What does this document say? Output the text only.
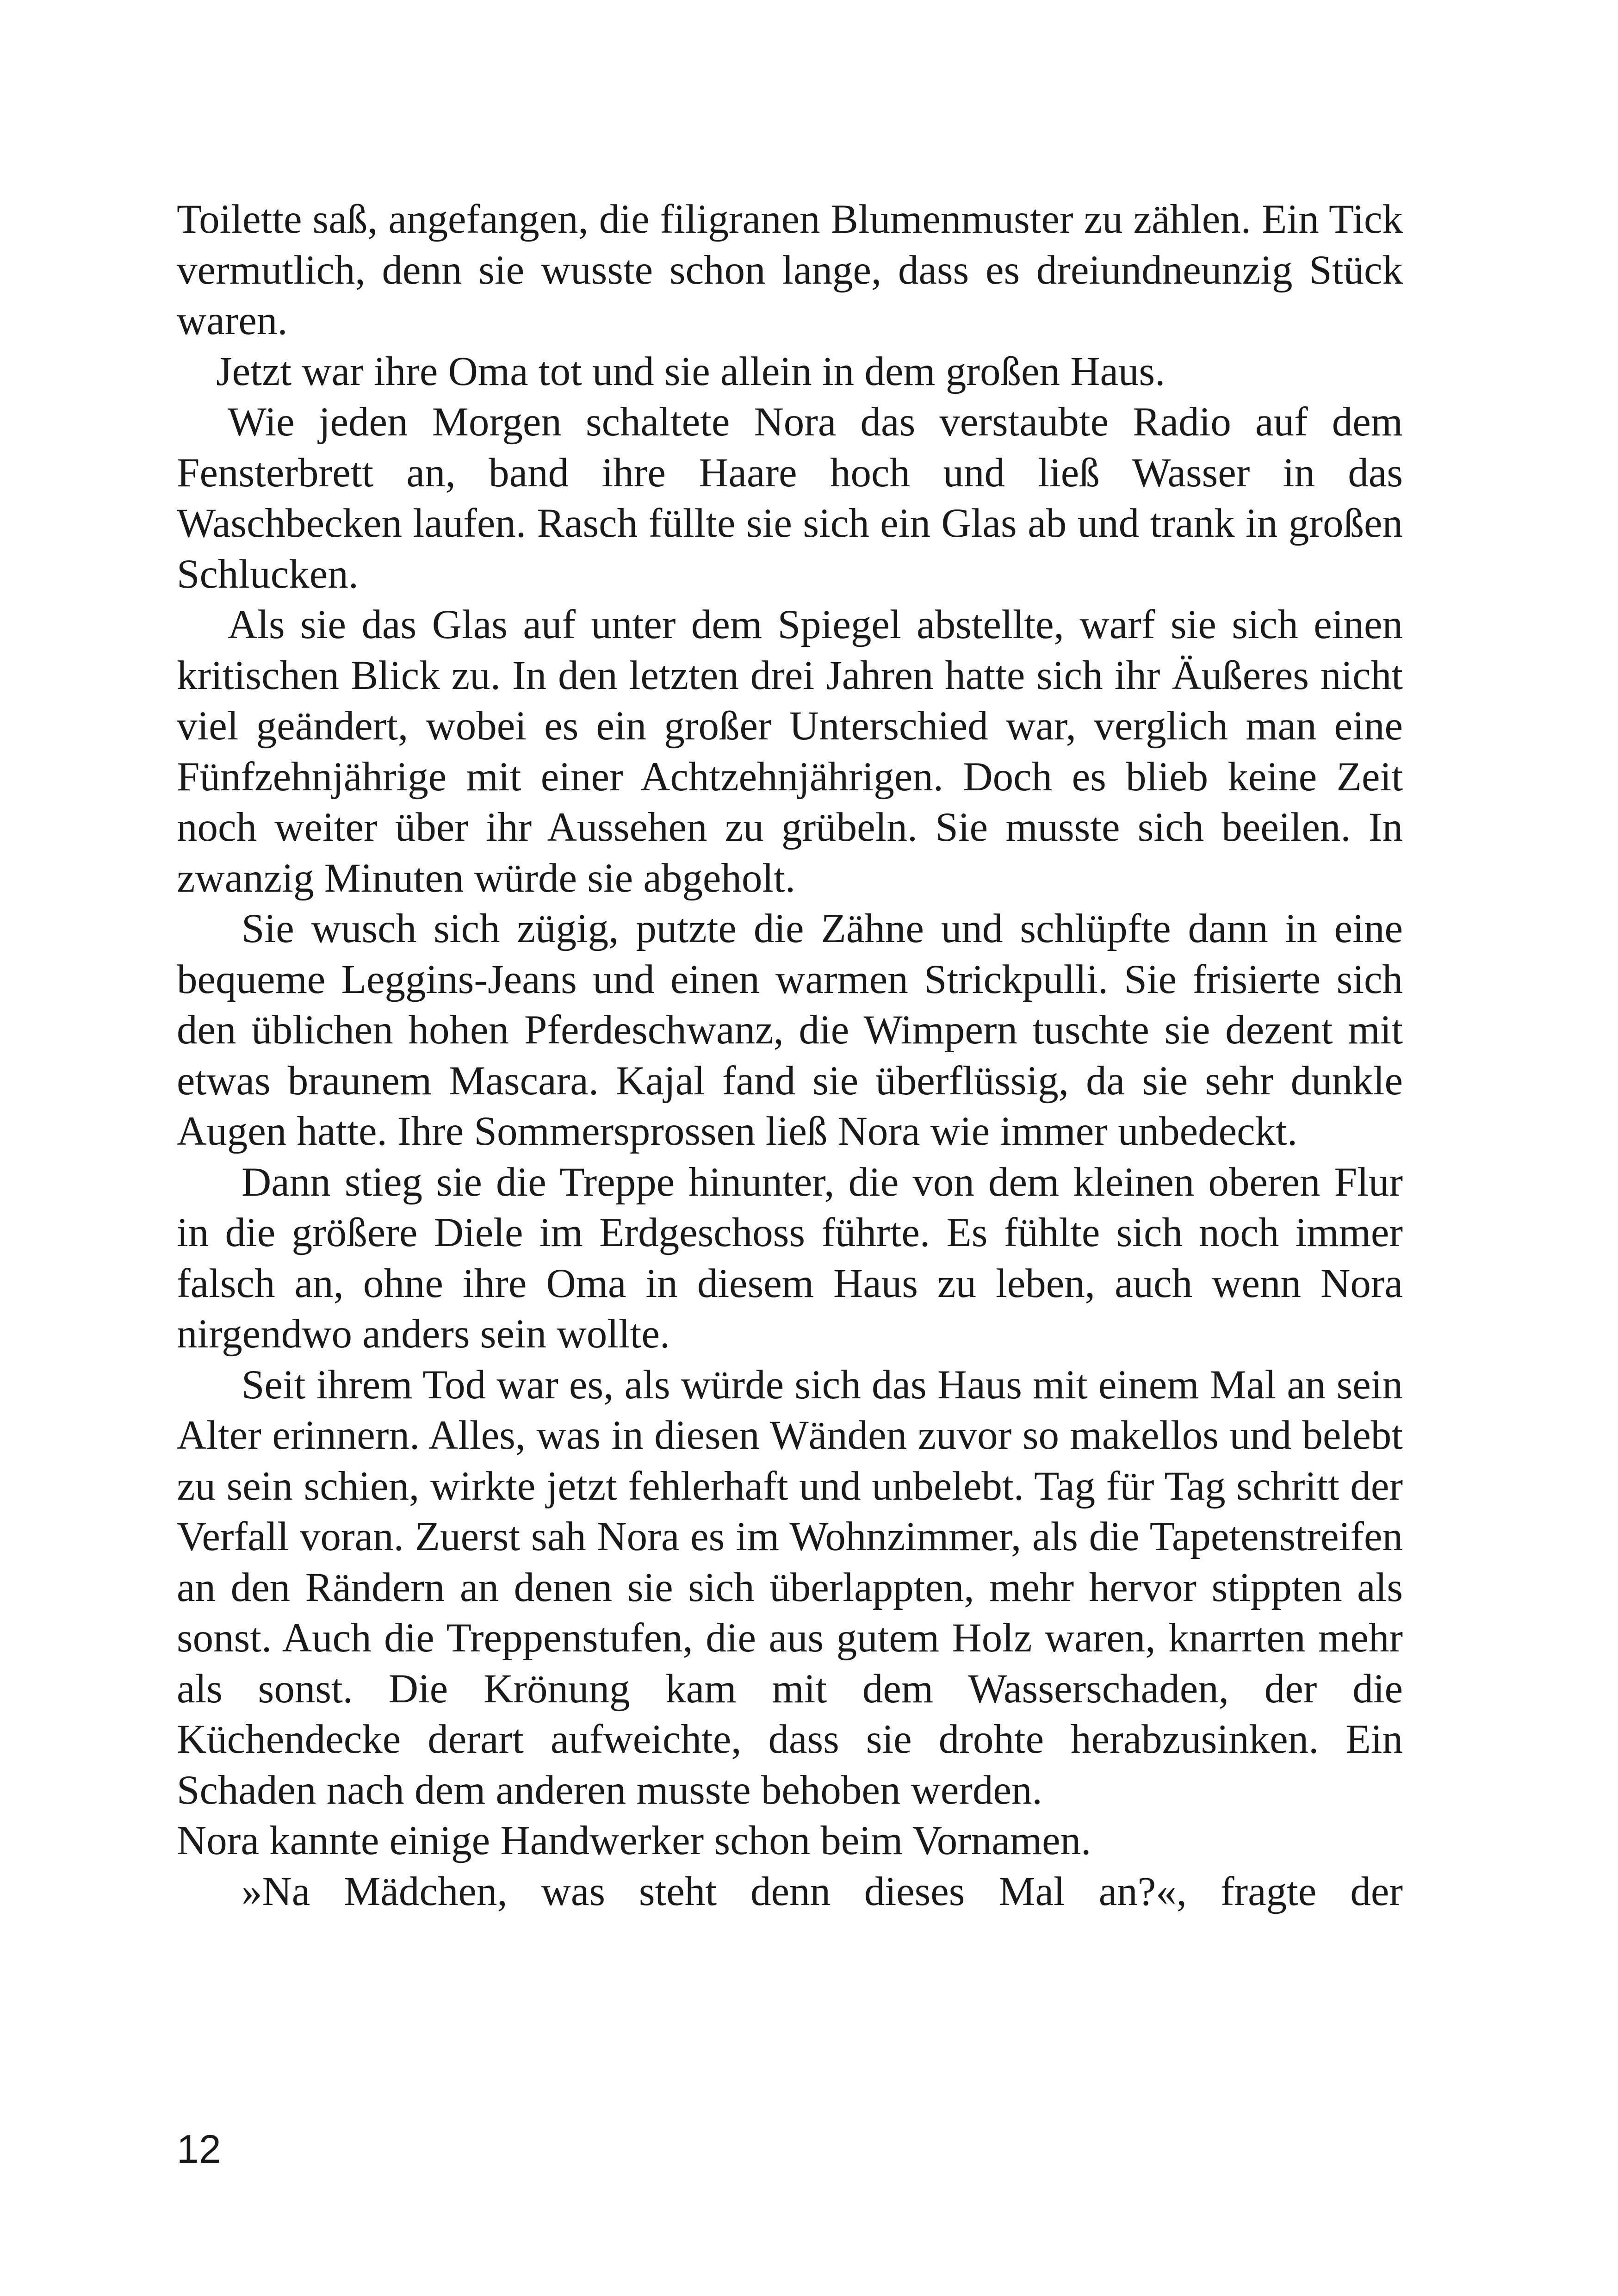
Toilette saß, angefangen, die filigranen Blumenmuster zu zählen. Ein Tick vermutlich, denn sie wusste schon lange, dass es dreiundneunzig Stück waren.

Jetzt war ihre Oma tot und sie allein in dem großen Haus.

Wie jeden Morgen schaltete Nora das verstaubte Radio auf dem Fensterbrett an, band ihre Haare hoch und ließ Wasser in das Waschbecken laufen. Rasch füllte sie sich ein Glas ab und trank in großen Schlucken.

Als sie das Glas auf unter dem Spiegel abstellte, warf sie sich einen kritischen Blick zu. In den letzten drei Jahren hatte sich ihr Äußeres nicht viel geändert, wobei es ein großer Unterschied war, verglich man eine Fünfzehnjährige mit einer Achtzehnjährigen. Doch es blieb keine Zeit noch weiter über ihr Aussehen zu grübeln. Sie musste sich beeilen. In zwanzig Minuten würde sie abgeholt.

Sie wusch sich zügig, putzte die Zähne und schlüpfte dann in eine bequeme Leggins-Jeans und einen warmen Strickpulli. Sie frisierte sich den üblichen hohen Pferdeschwanz, die Wimpern tuschte sie dezent mit etwas braunem Mascara. Kajal fand sie überflüssig, da sie sehr dunkle Augen hatte. Ihre Sommersprossen ließ Nora wie immer unbedeckt.

Dann stieg sie die Treppe hinunter, die von dem kleinen oberen Flur in die größere Diele im Erdgeschoss führte. Es fühlte sich noch immer falsch an, ohne ihre Oma in diesem Haus zu leben, auch wenn Nora nirgendwo anders sein wollte.

Seit ihrem Tod war es, als würde sich das Haus mit einem Mal an sein Alter erinnern. Alles, was in diesen Wänden zuvor so makellos und belebt zu sein schien, wirkte jetzt fehlerhaft und unbelebt. Tag für Tag schritt der Verfall voran. Zuerst sah Nora es im Wohnzimmer, als die Tapetenstreifen an den Rändern an denen sie sich überlappten, mehr hervor stippten als sonst. Auch die Treppenstufen, die aus gutem Holz waren, knarrten mehr als sonst. Die Krönung kam mit dem Wasserschaden, der die Küchendecke derart aufweichte, dass sie drohte herabzusinken. Ein Schaden nach dem anderen musste behoben werden.

Nora kannte einige Handwerker schon beim Vornamen.

»Na Mädchen, was steht denn dieses Mal an?«, fragte der

12
